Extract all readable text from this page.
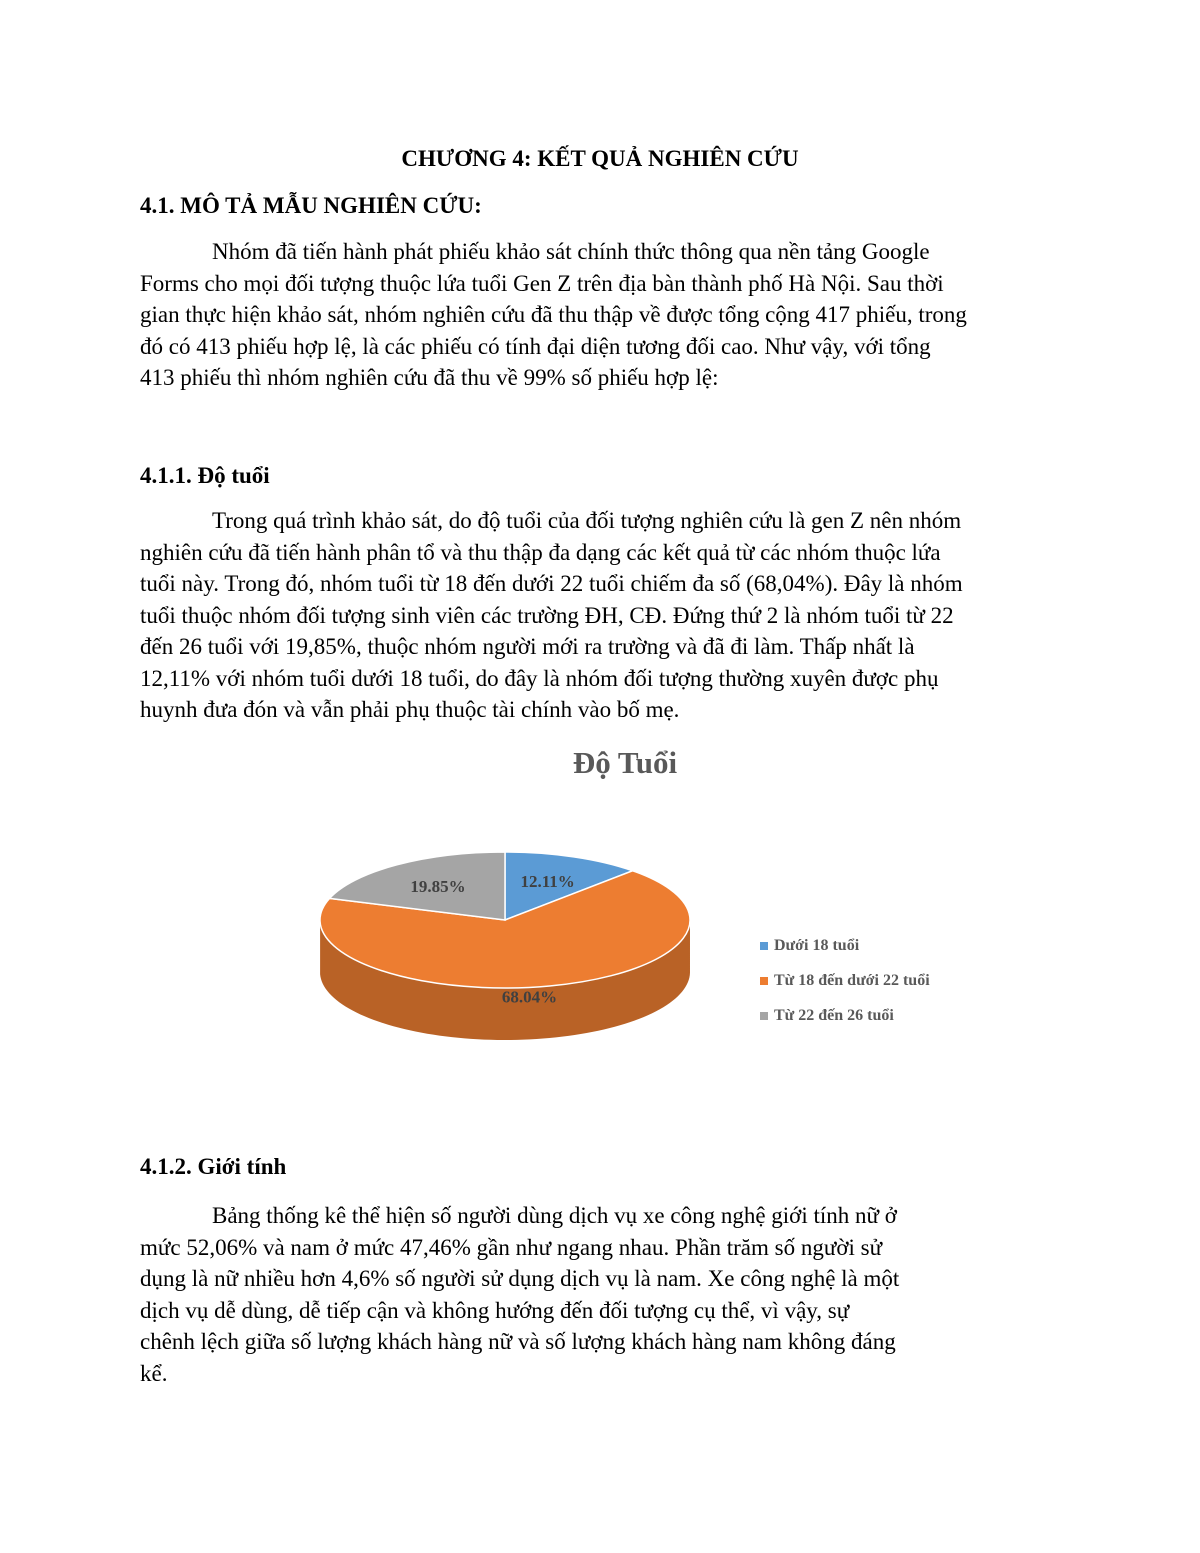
CHƯƠNG 4: KẾT QUẢ NGHIÊN CỨU
4.1. MÔ TẢ MẪU NGHIÊN CỨU:
Nhóm đã tiến hành phát phiếu khảo sát chính thức thông qua nền tảng Google
Forms cho mọi đối tượng thuộc lứa tuổi Gen Z trên địa bàn thành phố Hà Nội. Sau thời
gian thực hiện khảo sát, nhóm nghiên cứu đã thu thập về được tổng cộng 417 phiếu, trong
đó có 413 phiếu hợp lệ, là các phiếu có tính đại diện tương đối cao. Như vậy, với tổng
413 phiếu thì nhóm nghiên cứu đã thu về 99% số phiếu hợp lệ:
4.1.1. Độ tuổi
Trong quá trình khảo sát, do độ tuổi của đối tượng nghiên cứu là gen Z nên nhóm
nghiên cứu đã tiến hành phân tổ và thu thập đa dạng các kết quả từ các nhóm thuộc lứa
tuổi này. Trong đó, nhóm tuổi từ 18 đến dưới 22 tuổi chiếm đa số (68,04%). Đây là nhóm
tuổi thuộc nhóm đối tượng sinh viên các trường ĐH, CĐ. Đứng thứ 2 là nhóm tuổi từ 22
đến 26 tuổi với 19,85%, thuộc nhóm người mới ra trường và đã đi làm. Thấp nhất là
12,11% với nhóm tuổi dưới 18 tuổi, do đây là nhóm đối tượng thường xuyên được phụ
huynh đưa đón và vẫn phải phụ thuộc tài chính vào bố mẹ.
Độ Tuổi
12.11%
68.04%
19.85%
Dưới 18 tuổi
Từ 18 đến dưới 22 tuổi
Từ 22 đến 26 tuổi
4.1.2. Giới tính
Bảng thống kê thể hiện số người dùng dịch vụ xe công nghệ giới tính nữ ở
mức 52,06% và nam ở mức 47,46% gần như ngang nhau. Phần trăm số người sử
dụng là nữ nhiều hơn 4,6% số người sử dụng dịch vụ là nam. Xe công nghệ là một
dịch vụ dễ dùng, dễ tiếp cận và không hướng đến đối tượng cụ thể, vì vậy, sự
chênh lệch giữa số lượng khách hàng nữ và số lượng khách hàng nam không đáng
kể.
